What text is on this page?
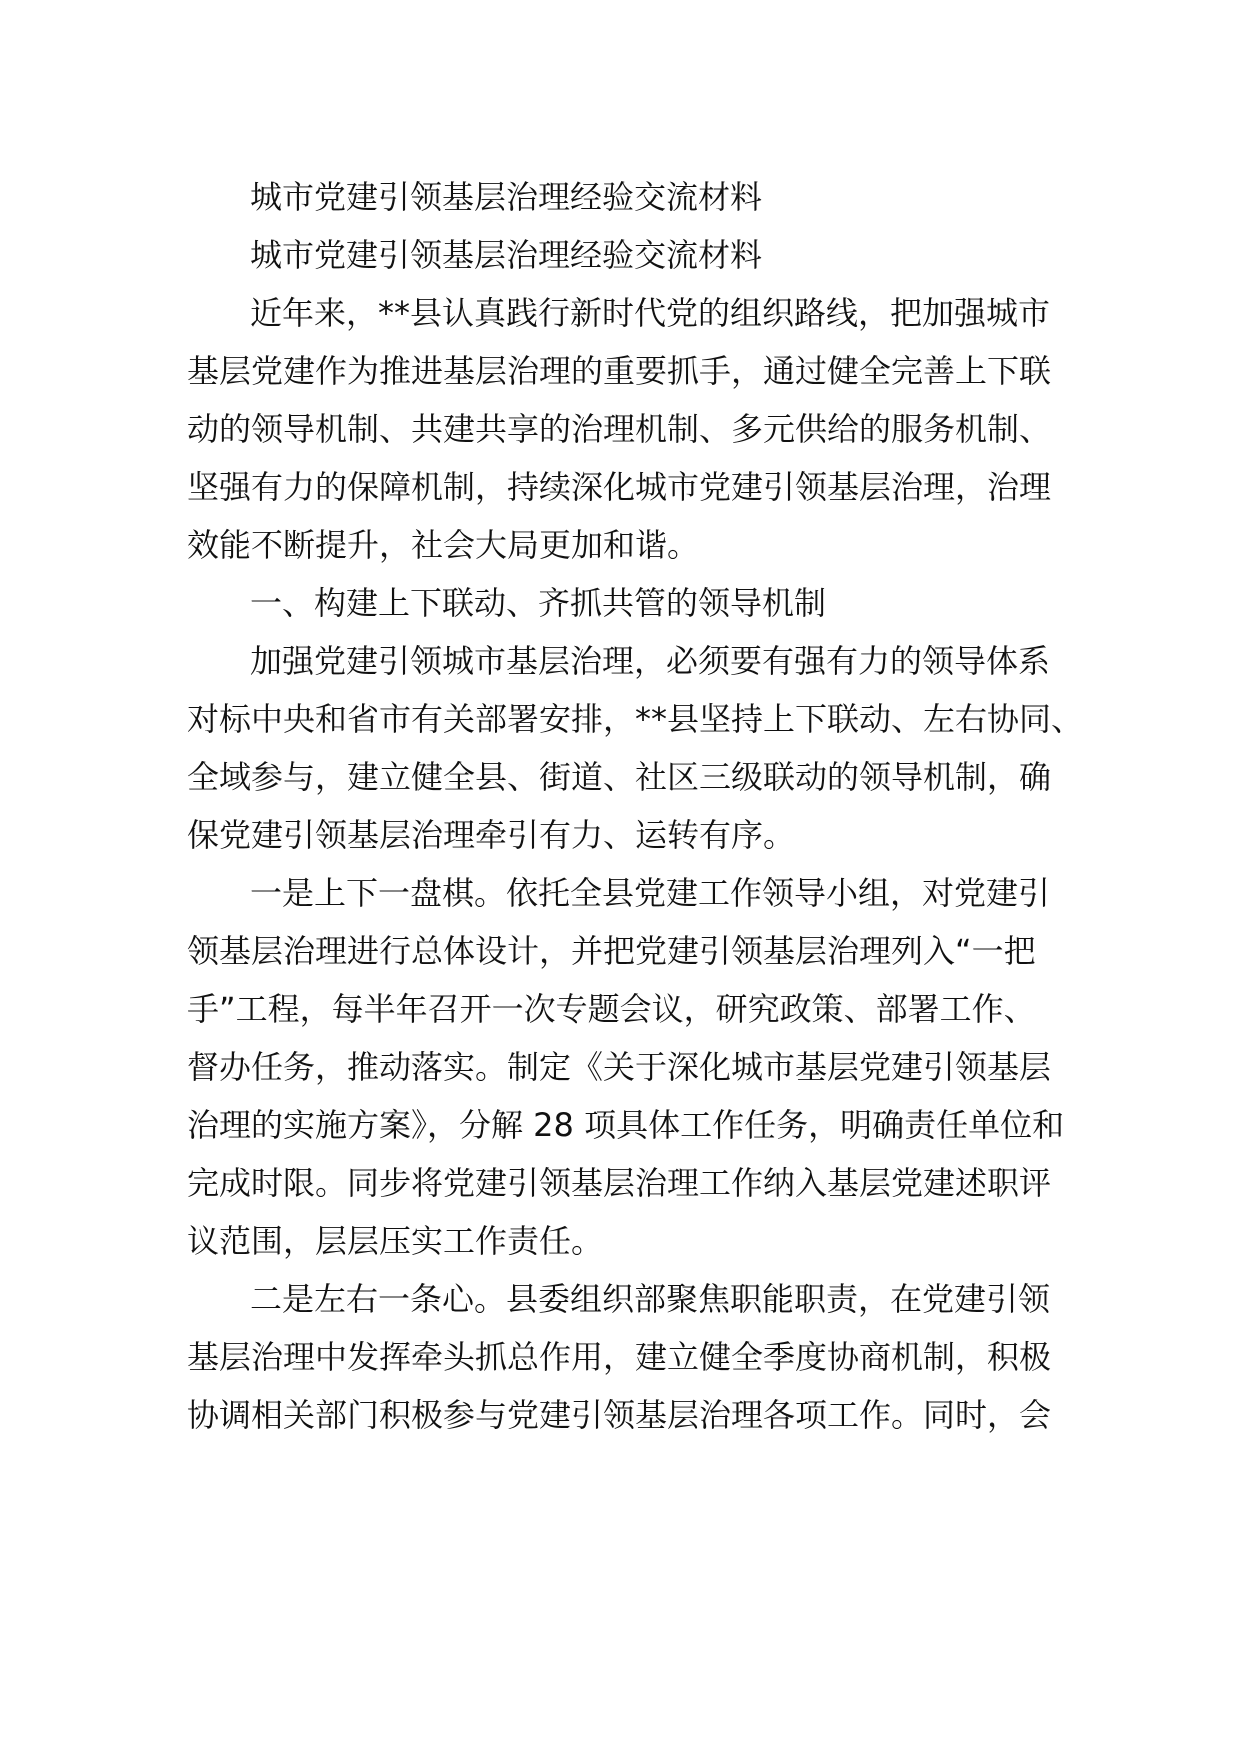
城市党建引领基层治理经验交流材料
城市党建引领基层治理经验交流材料
近年来，**县认真践行新时代党的组织路线，把加强城市
基层党建作为推进基层治理的重要抓手，通过健全完善上下联
动的领导机制、共建共享的治理机制、多元供给的服务机制、
坚强有力的保障机制，持续深化城市党建引领基层治理，治理
效能不断提升，社会大局更加和谐。
一、构建上下联动、齐抓共管的领导机制
加强党建引领城市基层治理，必须要有强有力的领导体系
对标中央和省市有关部署安排，**县坚持上下联动、左右协同、
全域参与，建立健全县、街道、社区三级联动的领导机制，确
保党建引领基层治理牵引有力、运转有序。
一是上下一盘棋。依托全县党建工作领导小组，对党建引
领基层治理进行总体设计，并把党建引领基层治理列入“一把
手”工程，每半年召开一次专题会议，研究政策、部署工作、
督办任务，推动落实。制定《关于深化城市基层党建引领基层
治理的实施方案》，分解 28 项具体工作任务，明确责任单位和
完成时限。同步将党建引领基层治理工作纳入基层党建述职评
议范围，层层压实工作责任。
二是左右一条心。县委组织部聚焦职能职责，在党建引领
基层治理中发挥牵头抓总作用，建立健全季度协商机制，积极
协调相关部门积极参与党建引领基层治理各项工作。同时，会
